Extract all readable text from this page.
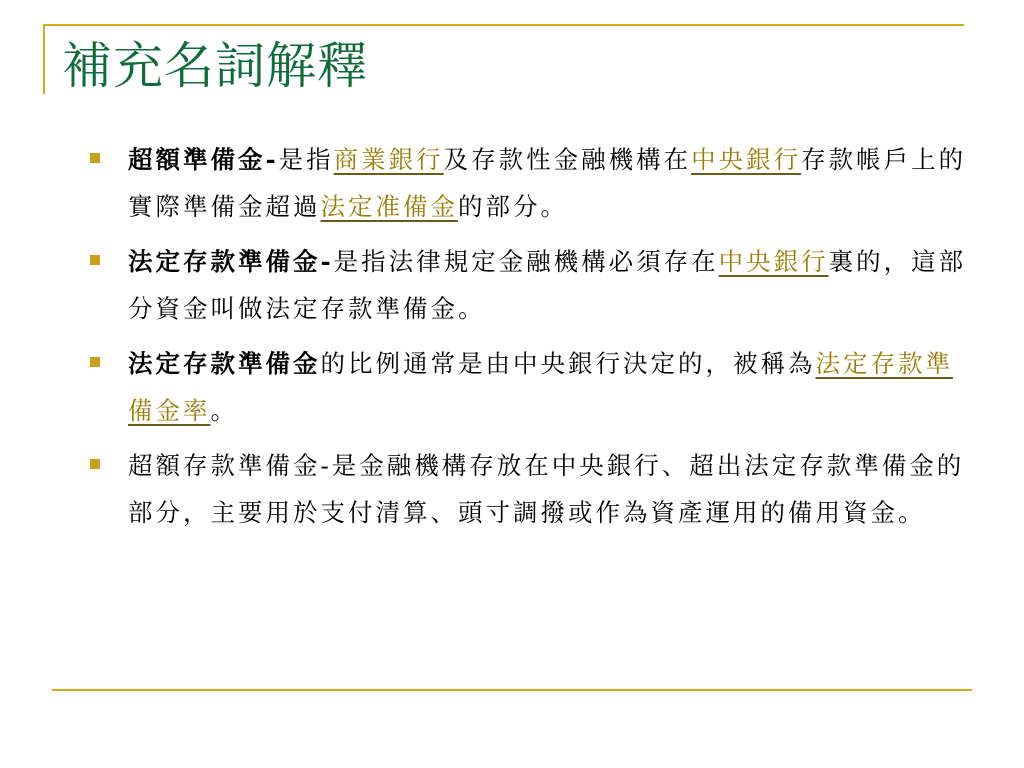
補充名詞解釋
超額準備金-是指商業銀行及存款性金融機構在中央銀行存款帳戶上的實際準備金超過法定准備金的部分。
法定存款準備金-是指法律規定金融機構必須存在中央銀行裏的，這部分資金叫做法定存款準備金。
法定存款準備金的比例通常是由中央銀行決定的，被稱為法定存款準備金率。
超額存款準備金-是金融機構存放在中央銀行、超出法定存款準備金的部分，主要用於支付清算、頭寸調撥或作為資產運用的備用資金。
